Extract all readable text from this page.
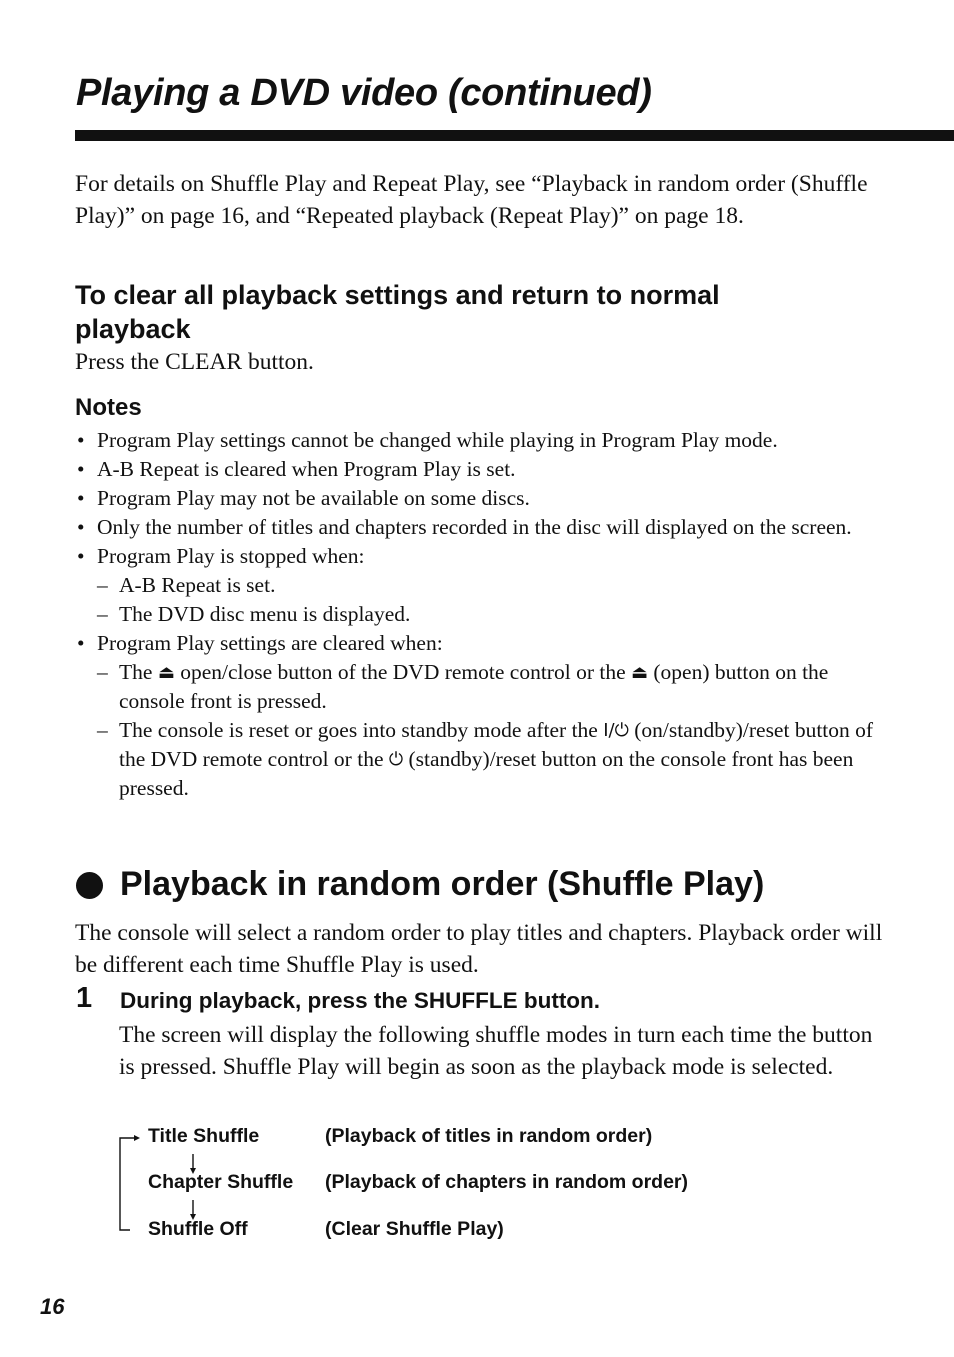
Playing a DVD video (continued)

For details on Shuffle Play and Repeat Play, see “Playback in random order (Shuffle Play)” on page 16, and “Repeated playback (Repeat Play)” on page 18.

To clear all playback settings and return to normal playback

Press the CLEAR button.

Notes
• Program Play settings cannot be changed while playing in Program Play mode.
• A-B Repeat is cleared when Program Play is set.
• Program Play may not be available on some discs.
• Only the number of titles and chapters recorded in the disc will displayed on the screen.
• Program Play is stopped when:
– A-B Repeat is set.
– The DVD disc menu is displayed.
• Program Play settings are cleared when:
– The ⏏ open/close button of the DVD remote control or the ⏏ (open) button on the console front is pressed.
– The console is reset or goes into standby mode after the I/⏻ (on/standby)/reset button of the DVD remote control or the ⏻ (standby)/reset button on the console front has been pressed.
Playback in random order (Shuffle Play)

The console will select a random order to play titles and chapters. Playback order will be different each time Shuffle Play is used.

1 During playback, press the SHUFFLE button.

The screen will display the following shuffle modes in turn each time the button is pressed. Shuffle Play will begin as soon as the playback mode is selected.

Title Shuffle	(Playback of titles in random order)

Chapter Shuffle (Playback of chapters in random order)

Shuffle Off	(Clear Shuffle Play)

16
